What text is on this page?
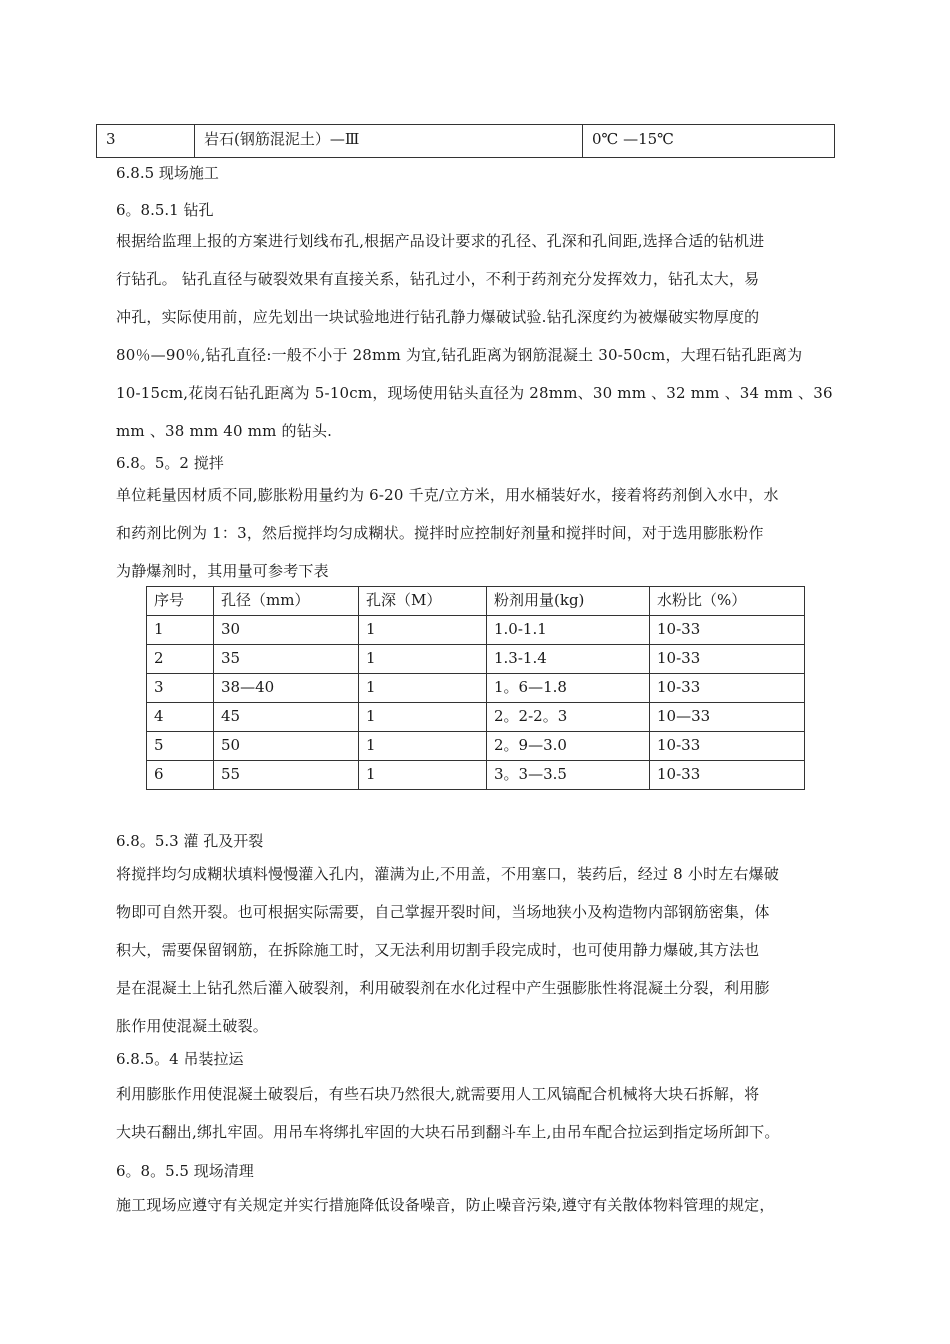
3	岩石(钢筋混泥土）—Ⅲ	0℃ —15℃
6.8.5 现场施工
6。8.5.1 钻孔
根据给监理上报的方案进行划线布孔,根据产品设计要求的孔径、孔深和孔间距,选择合适的钻机进
行钻孔。 钻孔直径与破裂效果有直接关系，钻孔过小，不利于药剂充分发挥效力，钻孔太大，易
冲孔，实际使用前，应先划出一块试验地进行钻孔静力爆破试验.钻孔深度约为被爆破实物厚度的
80％—90％,钻孔直径:一般不小于 28mm 为宜,钻孔距离为钢筋混凝土 30-50cm，大理石钻孔距离为
10-15cm,花岗石钻孔距离为 5-10cm，现场使用钻头直径为 28mm、30 mm 、32 mm 、34 mm 、36
mm 、38 mm 40 mm 的钻头.
6.8。5。2 搅拌
单位耗量因材质不同,膨胀粉用量约为 6-20 千克/立方米，用水桶装好水，接着将药剂倒入水中，水
和药剂比例为 1：3，然后搅拌均匀成糊状。搅拌时应控制好剂量和搅拌时间，对于选用膨胀粉作
为静爆剂时，其用量可参考下表
序号	孔径（mm）	孔深（M）	粉剂用量(kg)	水粉比（%）
1	30	1	1.0-1.1	10-33
2	35	1	1.3-1.4	10-33
3	38—40	1	1。6—1.8	10-33
4	45	1	2。2-2。3	10—33
5	50	1	2。9—3.0	10-33
6	55	1	3。3—3.5	10-33
6.8。5.3 灌 孔及开裂
将搅拌均匀成糊状填料慢慢灌入孔内，灌满为止,不用盖，不用塞口，装药后，经过 8 小时左右爆破
物即可自然开裂。也可根据实际需要，自己掌握开裂时间，当场地狭小及构造物内部钢筋密集，体
积大，需要保留钢筋，在拆除施工时，又无法利用切割手段完成时，也可使用静力爆破,其方法也
是在混凝土上钻孔然后灌入破裂剂，利用破裂剂在水化过程中产生强膨胀性将混凝土分裂，利用膨
胀作用使混凝土破裂。
6.8.5。4 吊装拉运
利用膨胀作用使混凝土破裂后，有些石块乃然很大,就需要用人工风镐配合机械将大块石拆解，将
大块石翻出,绑扎牢固。用吊车将绑扎牢固的大块石吊到翻斗车上,由吊车配合拉运到指定场所卸下。
6。8。5.5 现场清理
施工现场应遵守有关规定并实行措施降低设备噪音，防止噪音污染,遵守有关散体物料管理的规定，
